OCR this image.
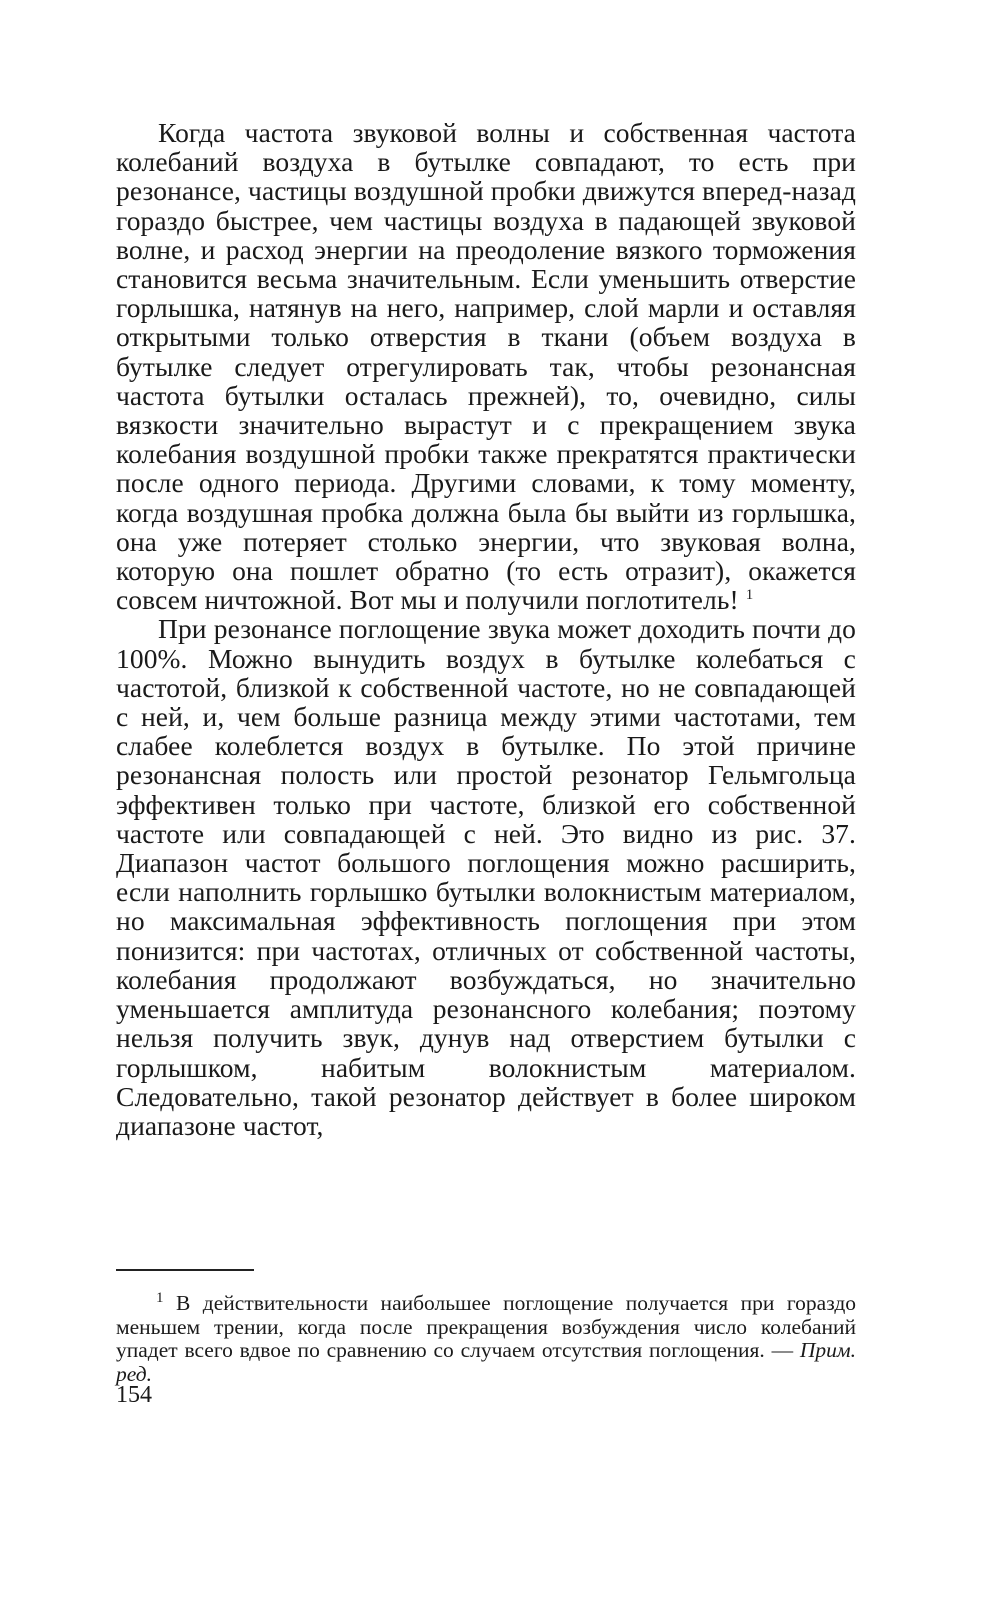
Когда частота звуковой волны и собственная частота колебаний воздуха в бутылке совпадают, то есть при резонансе, частицы воздушной пробки движутся вперед-назад гораздо быстрее, чем частицы воздуха в падающей звуковой волне, и расход энергии на преодоление вязкого торможения становится весьма значительным. Если уменьшить отверстие горлышка, натянув на него, например, слой марли и оставляя открытыми только отверстия в ткани (объем воздуха в бутылке следует отрегулировать так, чтобы резонансная частота бутылки осталась прежней), то, очевидно, силы вязкости значительно вырастут и с прекращением звука колебания воздушной пробки также прекратятся практически после одного периода. Другими словами, к тому моменту, когда воздушная пробка должна была бы выйти из горлышка, она уже потеряет столько энергии, что звуковая волна, которую она пошлет обратно (то есть отразит), окажется совсем ничтожной. Вот мы и получили поглотитель! $^1$

При резонансе поглощение звука может доходить почти до 100%. Можно вынудить воздух в бутылке колебаться с частотой, близкой к собственной частоте, но не совпадающей с ней, и, чем больше разница между этими частотами, тем слабее колеблется воздух в бутылке. По этой причине резонансная полость или простой резонатор Гельмгольца эффективен только при частоте, близкой его собственной частоте или совпадающей с ней. Это видно из рис. 37. Диапазон частот большого поглощения можно расширить, если наполнить горлышко бутылки волокнистым материалом, но максимальная эффективность поглощения при этом понизится: при частотах, отличных от собственной частоты, колебания продолжают возбуждаться, но значительно уменьшается амплитуда резонансного колебания; поэтому нельзя получить звук, дунув над отверстием бутылки с горлышком, набитым волокнистым материалом. Следовательно, такой резонатор действует в более широком диапазоне частот,

$^1$ В действительности наибольшее поглощение получается при гораздо меньшем трении, когда после прекращения возбуждения число колебаний упадет всего вдвое по сравнению со случаем отсутствия поглощения. — Прим. ред.

154
